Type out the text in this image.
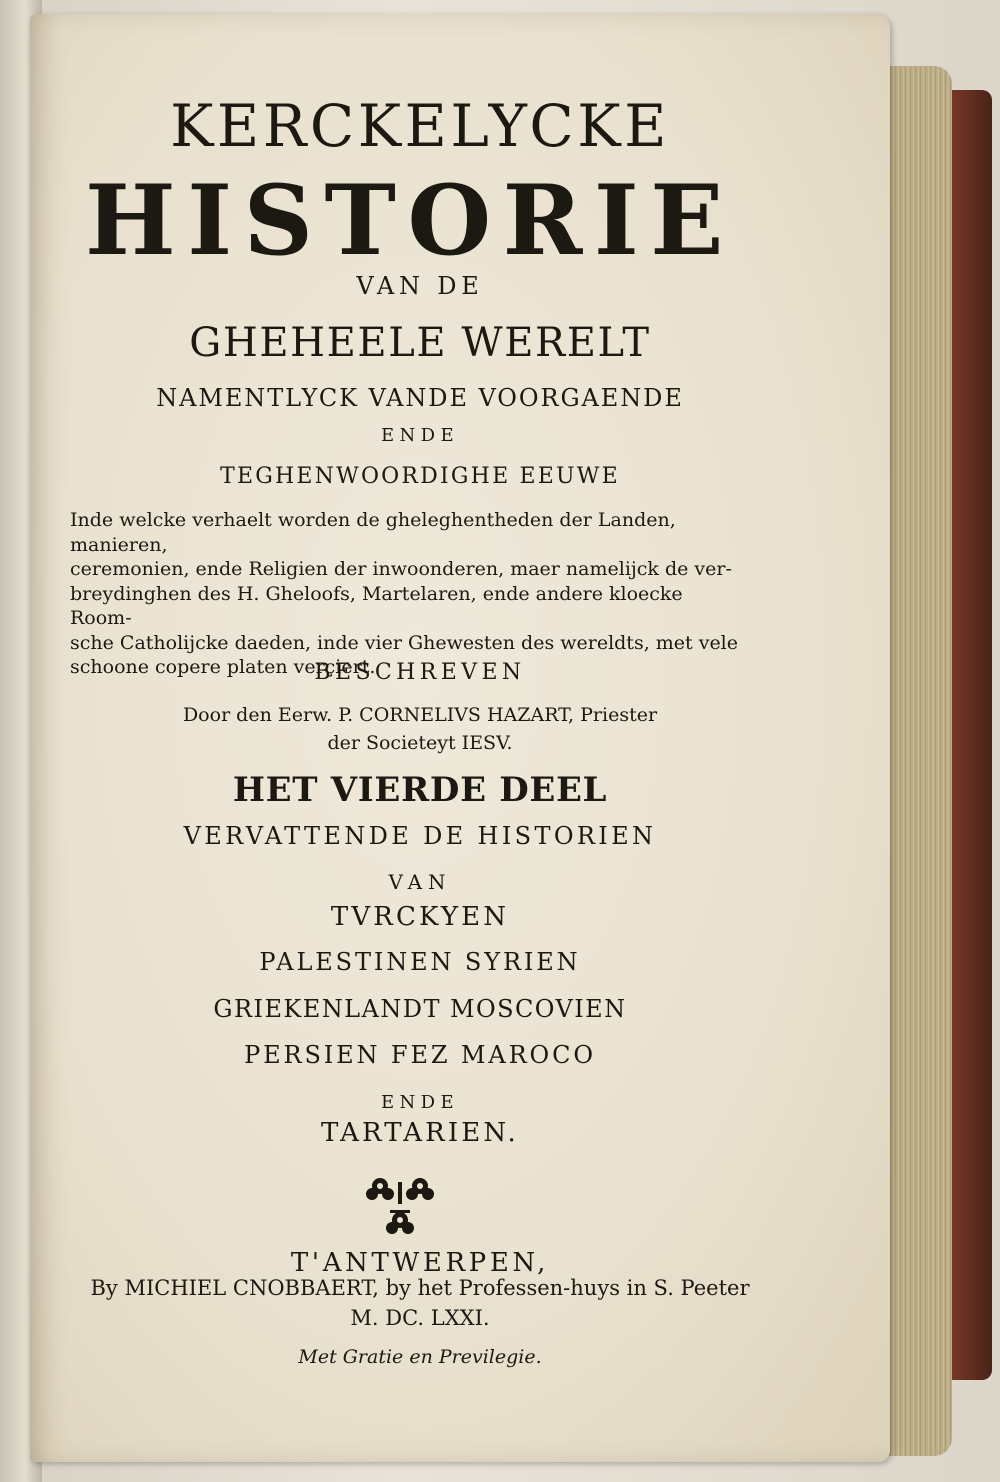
KERCKELYCKE
HISTORIE
VAN DE
GHEHEELE WERELT
NAMENTLYCK VANDE VOORGAENDE
ENDE
TEGHENWOORDIGHE EEUWE
Inde welcke verhaelt worden de gheleghentheden der Landen, manieren,
ceremonien, ende Religien der inwoonderen, maer namelijck de ver-
breydinghen des H. Gheloofs, Martelaren, ende andere kloecke Room-
sche Catholijcke daeden, inde vier Ghewesten des wereldts, met vele
schoone copere platen verçiert.
BESCHREVEN
Door den Eerw. P. CORNELIVS HAZART, Priester
der Societeyt IESV.
HET VIERDE DEEL
VERVATTENDE DE HISTORIEN
VAN
TVRCKYEN
PALESTINEN SYRIEN
GRIEKENLANDT MOSCOVIEN
PERSIEN FEZ MAROCO
ENDE
TARTARIEN.
T'ANTWERPEN,
By MICHIEL CNOBBAERT, by het Professen-huys in S. Peeter
M. DC. LXXI.
Met Gratie en Previlegie.
